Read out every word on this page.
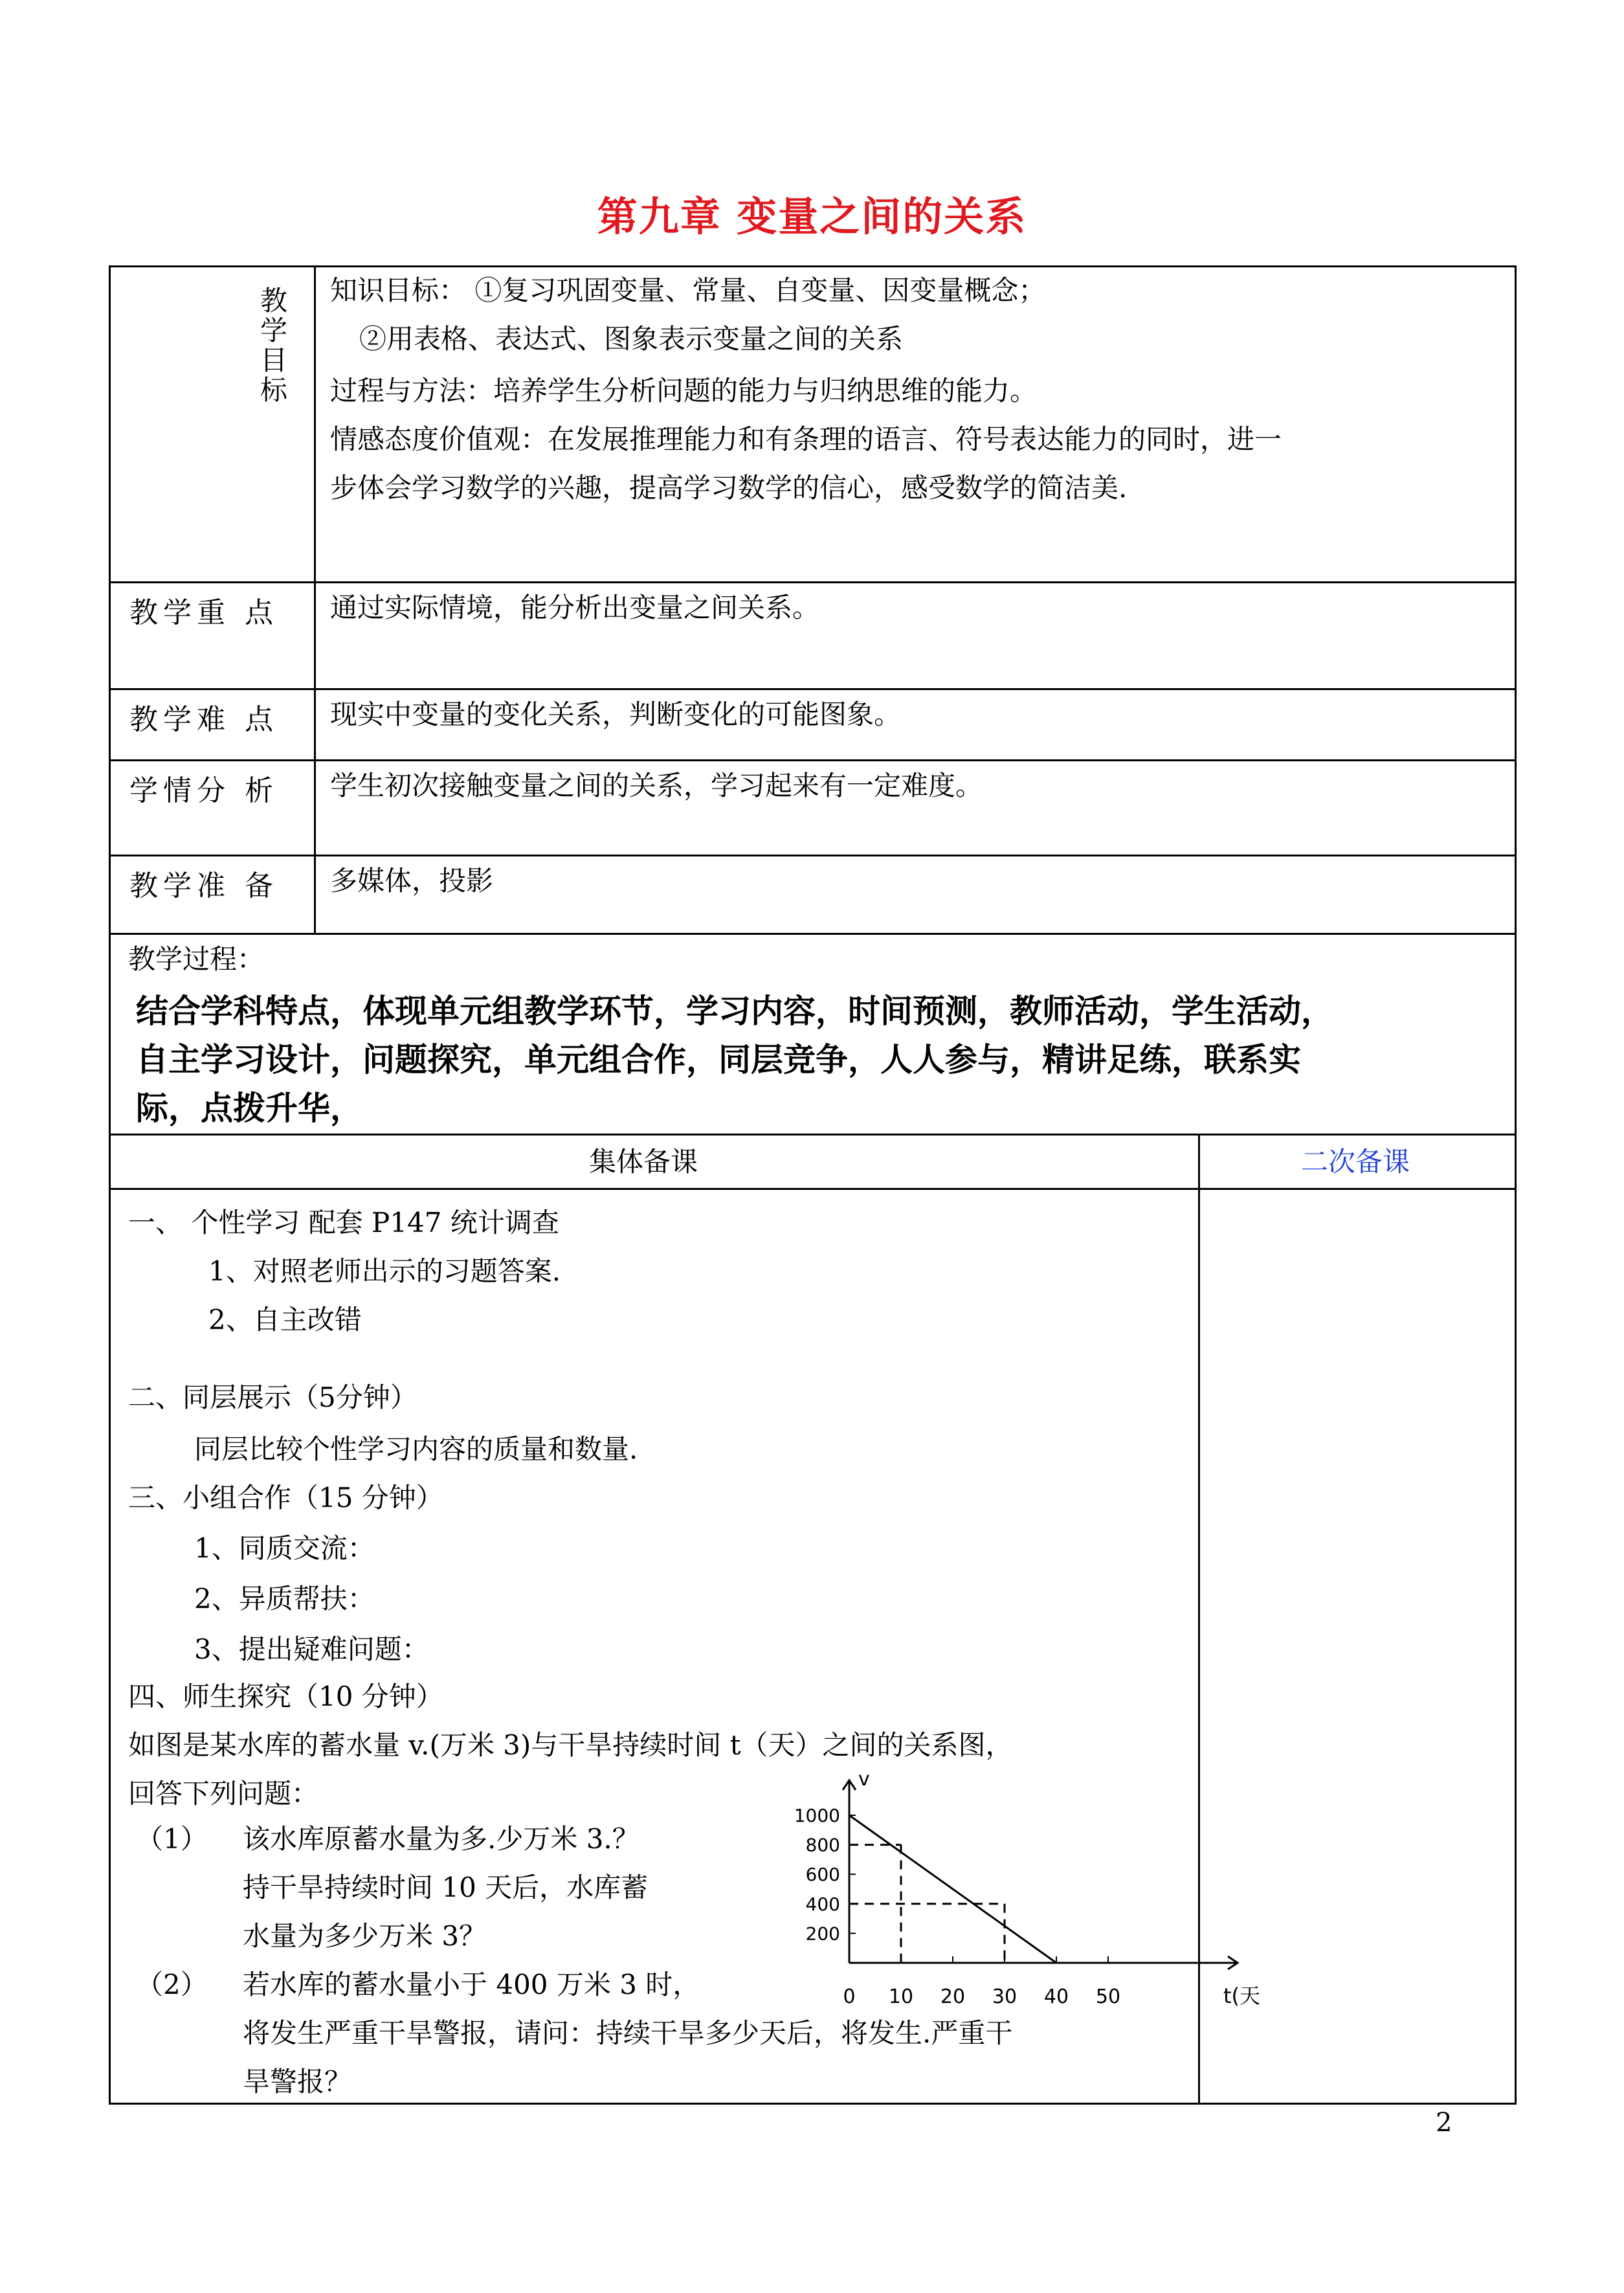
第九章 变量之间的关系
教
学
目
标
知识目标： ①复习巩固变量、常量、自变量、因变量概念；
②用表格、表达式、图象表示变量之间的关系
过程与方法：培养学生分析问题的能力与归纳思维的能力。
情感态度价值观：在发展推理能力和有条理的语言、符号表达能力的同时，进一
步体会学习数学的兴趣，提高学习数学的信心，感受数学的简洁美.
教学重 点 通过实际情境，能分析出变量之间关系。
教学难 点 现实中变量的变化关系，判断变化的可能图象。
学情分 析 学生初次接触变量之间的关系，学习起来有一定难度。
教学准 备 多媒体，投影
教学过程：
结合学科特点，体现单元组教学环节，学习内容，时间预测，教师活动，学生活动，
自主学习设计，问题探究，单元组合作，同层竞争，人人参与，精讲足练，联系实
际，点拨升华，
集体备课	二次备课
一、 个性学习 配套 P147 统计调查
1、对照老师出示的习题答案.
2、自主改错
二、同层展示（5分钟）
同层比较个性学习内容的质量和数量.
三、小组合作（15 分钟）
1、同质交流：
2、异质帮扶：
3、提出疑难问题：
四、师生探究（10 分钟）
如图是某水库的蓄水量 v.(万米 3)与干旱持续时间 t（天）之间的关系图，
回答下列问题：
（1） 该水库原蓄水量为多.少万米 3.？
持干旱持续时间 10 天后，水库蓄
水量为多少万米 3？
（2） 若水库的蓄水量小于 400 万米 3 时，
将发生严重干旱警报，请问：持续干旱多少天后，将发生.严重干
旱警报？
0 10 20 30 40 50
200
400
600
800
1000
t(天
v
2
